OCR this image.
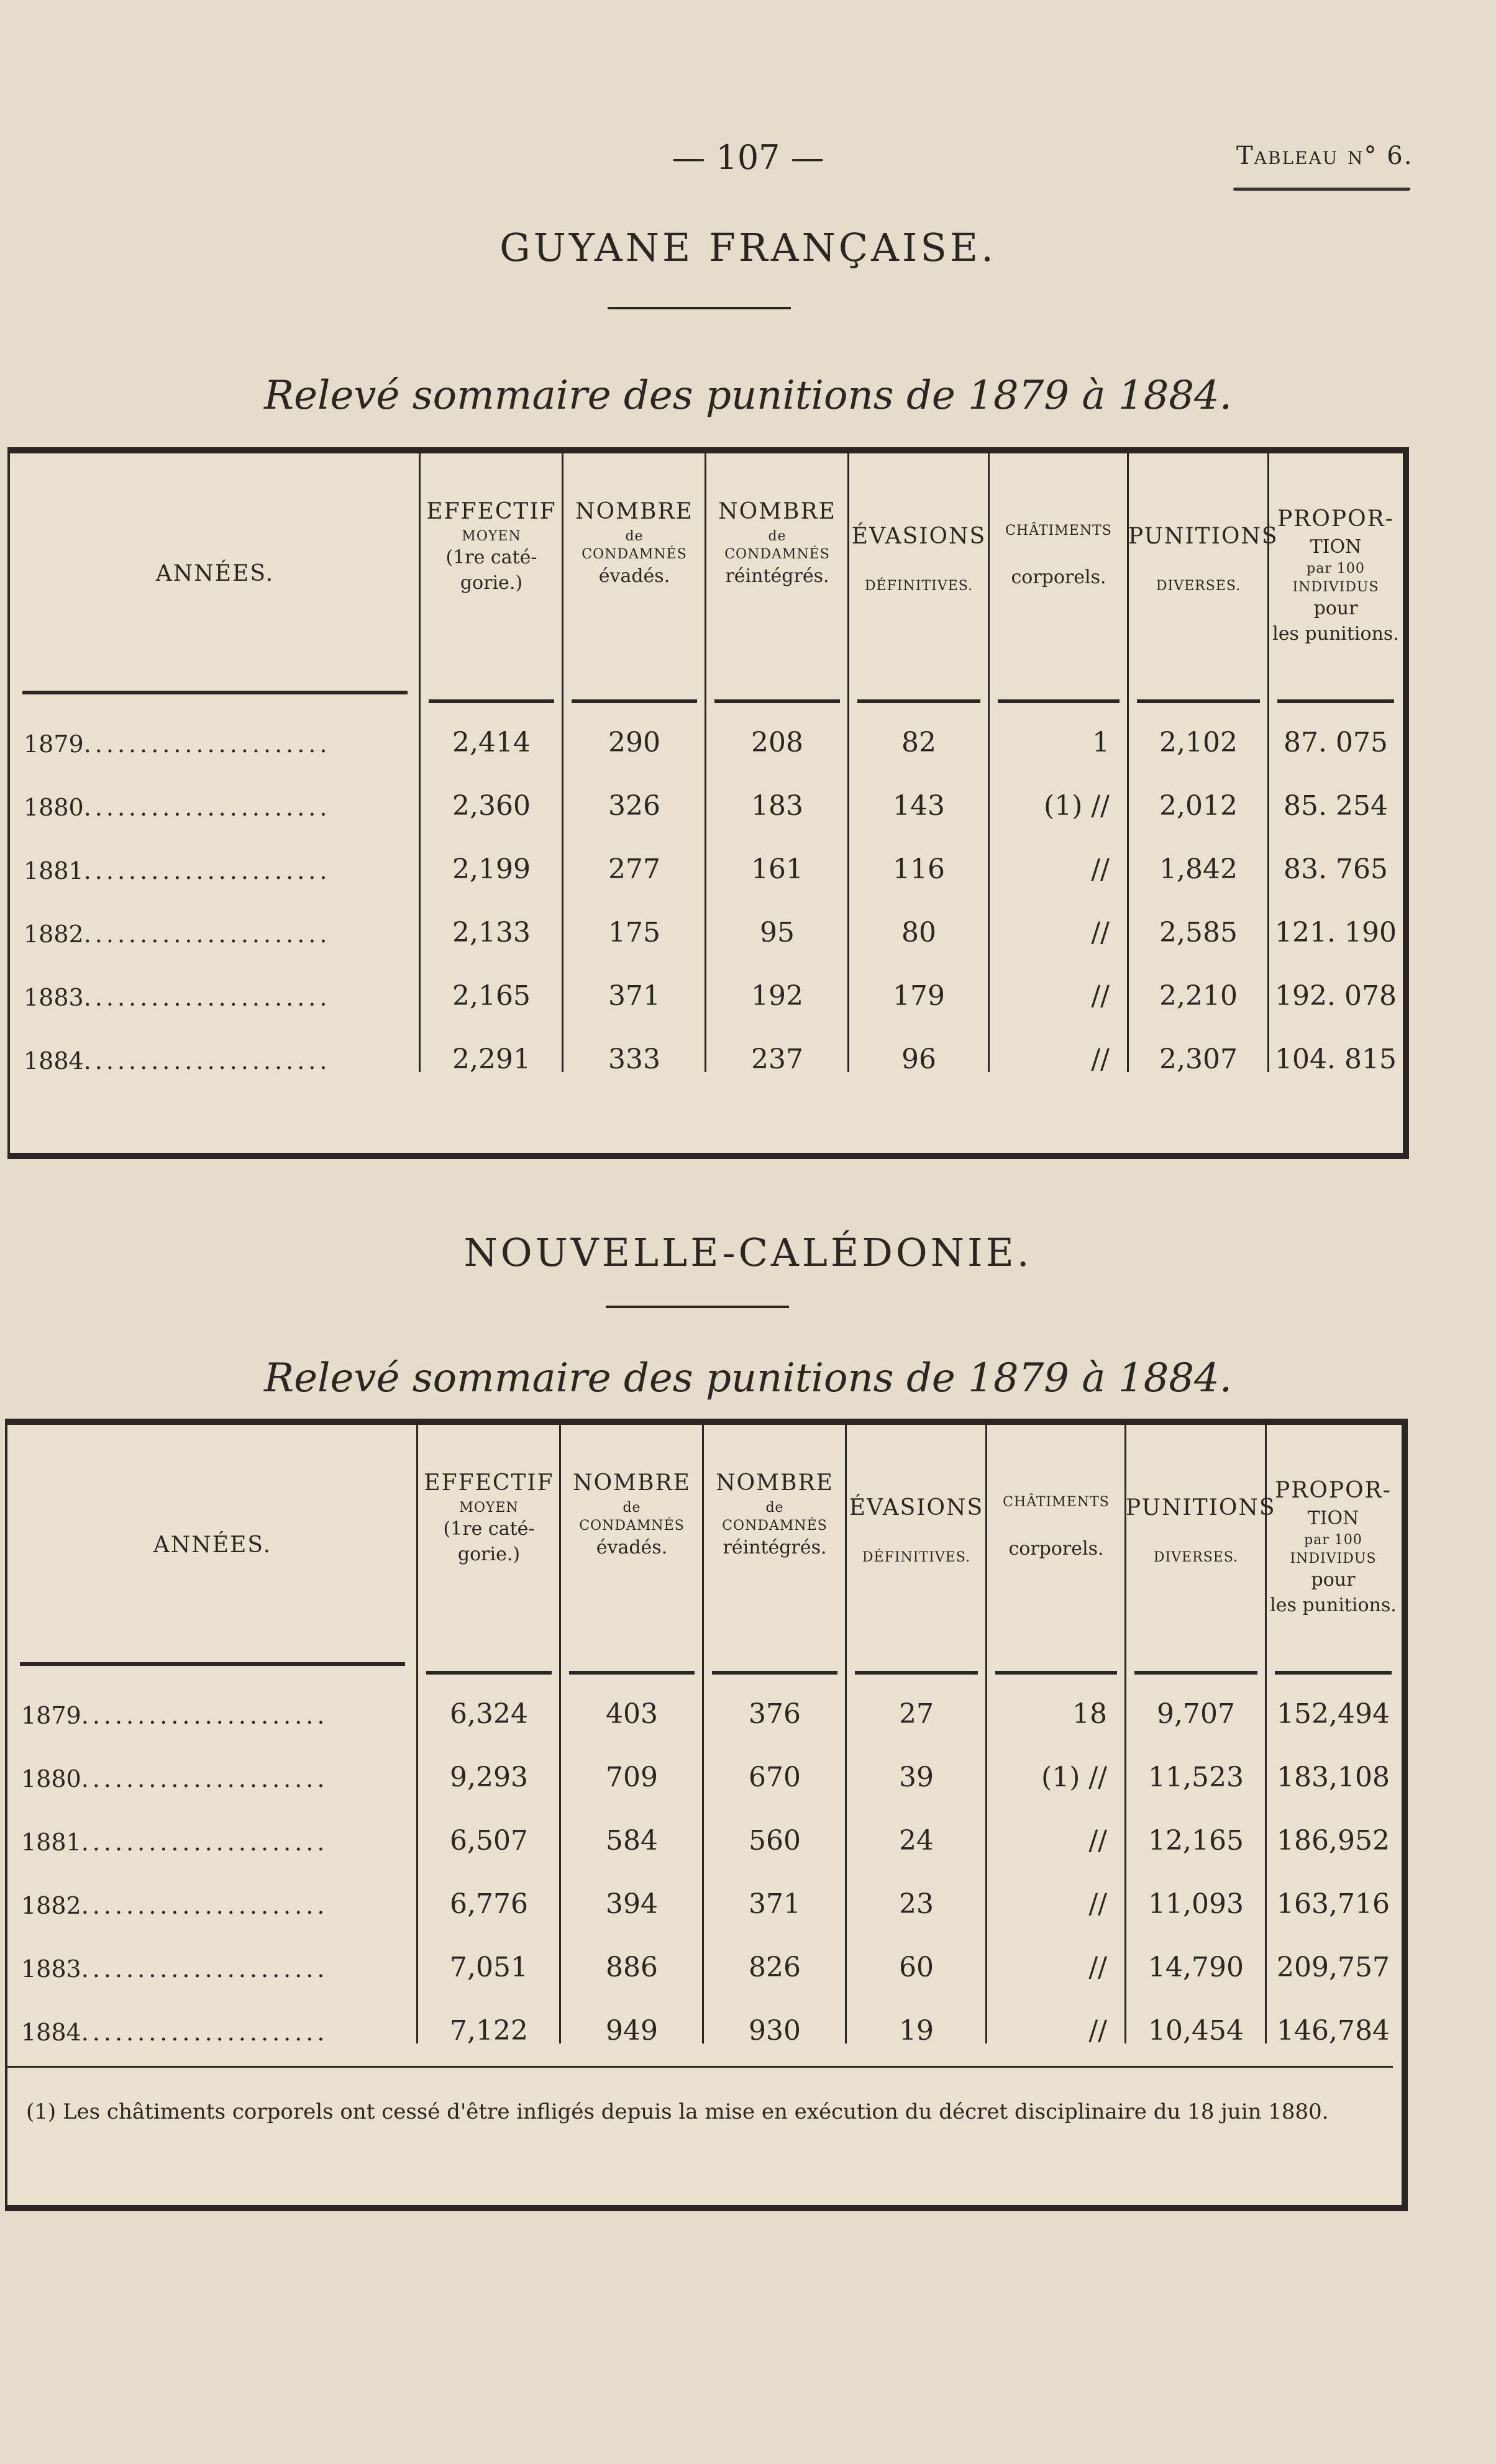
— 107 —	Tableau n° 6.
GUYANE FRANÇAISE.
Relevé sommaire des punitions de 1879 à 1884.
ANNÉES.
EFFECTIF
MOYEN
(1re caté-
gorie.)
NOMBRE
de
CONDAMNÉS
évadés.
NOMBRE
de
CONDAMNÉS
réintégrés.
ÉVASIONS
DÉFINITIVES.
CHÂTIMENTS
corporels.
PUNITIONS
DIVERSES.
PROPOR-
TION
par 100
INDIVIDUS
pour
les punitions.
1879......................	2,414	290	208	82	1	2,102	87. 075
1880......................	2,360	326	183	143	(1) //	2,012	85. 254
1881......................	2,199	277	161	116	//	1,842	83. 765
1882......................	2,133	175	95	80	//	2,585	121. 190
1883......................	2,165	371	192	179	//	2,210	192. 078
1884......................	2,291	333	237	96	//	2,307	104. 815
NOUVELLE-CALÉDONIE.
Relevé sommaire des punitions de 1879 à 1884.
ANNÉES.
EFFECTIF
MOYEN
(1re caté-
gorie.)
NOMBRE
de
CONDAMNÉS
évadés.
NOMBRE
de
CONDAMNÉS
réintégrés.
ÉVASIONS
DÉFINITIVES.
CHÂTIMENTS
corporels.
PUNITIONS
DIVERSES.
PROPOR-
TION
par 100
INDIVIDUS
pour
les punitions.
1879......................	6,324	403	376	27	18	9,707	152,494
1880......................	9,293	709	670	39	(1) //	11,523	183,108
1881......................	6,507	584	560	24	//	12,165	186,952
1882......................	6,776	394	371	23	//	11,093	163,716
1883......................	7,051	886	826	60	//	14,790	209,757
1884......................	7,122	949	930	19	//	10,454	146,784
(1) Les châtiments corporels ont cessé d'être infligés depuis la mise en exécution du décret disciplinaire du 18 juin 1880.
